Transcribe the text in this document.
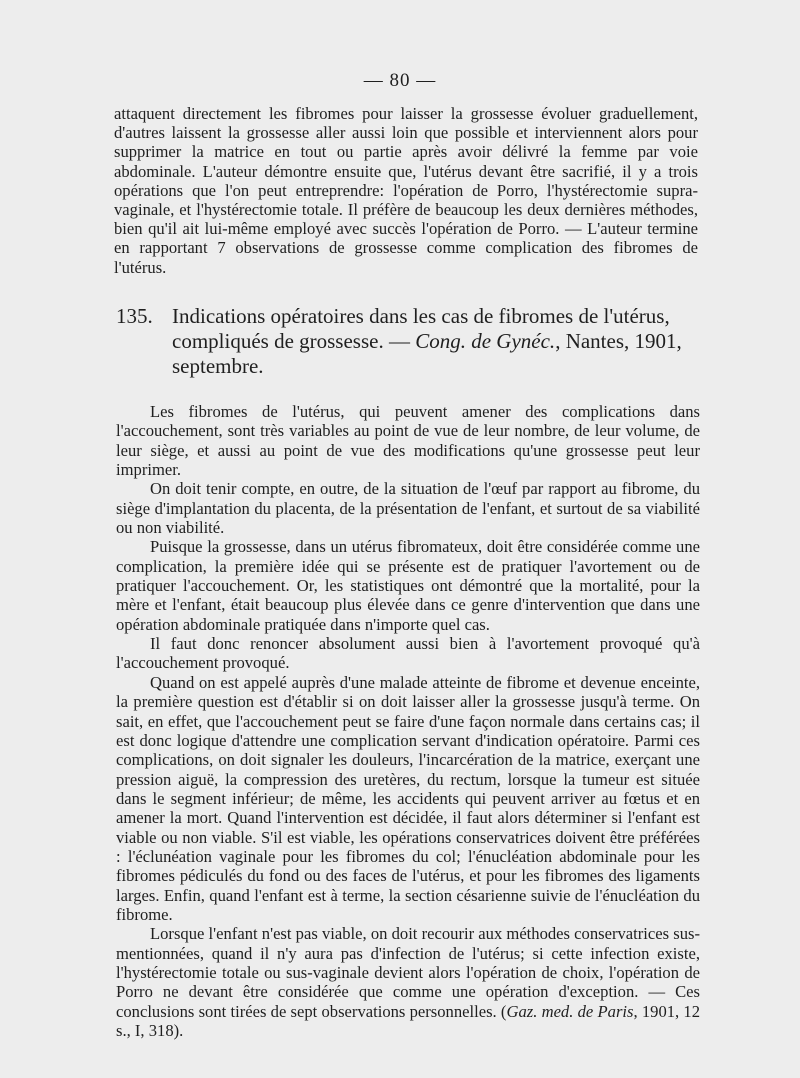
— 80 —

attaquent directement les fibromes pour laisser la grossesse évoluer graduellement, d'autres laissent la grossesse aller aussi loin que possible et interviennent alors pour supprimer la matrice en tout ou partie après avoir délivré la femme par voie abdominale. L'auteur démontre ensuite que, l'utérus devant être sacrifié, il y a trois opérations que l'on peut entreprendre: l'opération de Porro, l'hystérectomie supra-vaginale, et l'hystérectomie totale. Il préfère de beaucoup les deux dernières méthodes, bien qu'il ait lui-même employé avec succès l'opération de Porro. — L'auteur termine en rapportant 7 observations de grossesse comme complication des fibromes de l'utérus.

135. Indications opératoires dans les cas de fibromes de l'utérus,
compliqués de grossesse. — Cong. de Gynéc., Nantes, 1901, septembre.

Les fibromes de l'utérus, qui peuvent amener des complications dans l'accouchement, sont très variables au point de vue de leur nombre, de leur volume, de leur siège, et aussi au point de vue des modifications qu'une grossesse peut leur imprimer.

On doit tenir compte, en outre, de la situation de l'œuf par rapport au fibrome, du siège d'implantation du placenta, de la présentation de l'enfant, et surtout de sa viabilité ou non viabilité.

Puisque la grossesse, dans un utérus fibromateux, doit être considérée comme une complication, la première idée qui se présente est de pratiquer l'avortement ou de pratiquer l'accouchement. Or, les statistiques ont démontré que la mortalité, pour la mère et l'enfant, était beaucoup plus élevée dans ce genre d'intervention que dans une opération abdominale pratiquée dans n'importe quel cas.

Il faut donc renoncer absolument aussi bien à l'avortement provoqué qu'à l'accouchement provoqué.

Quand on est appelé auprès d'une malade atteinte de fibrome et devenue enceinte, la première question est d'établir si on doit laisser aller la grossesse jusqu'à terme. On sait, en effet, que l'accouchement peut se faire d'une façon normale dans certains cas; il est donc logique d'attendre une complication servant d'indication opératoire. Parmi ces complications, on doit signaler les douleurs, l'incarcération de la matrice, exerçant une pression aiguë, la compression des uretères, du rectum, lorsque la tumeur est située dans le segment inférieur; de même, les accidents qui peuvent arriver au fœtus et en amener la mort. Quand l'intervention est décidée, il faut alors déterminer si l'enfant est viable ou non viable. S'il est viable, les opérations conservatrices doivent être préférées : l'éclunéation vaginale pour les fibromes du col; l'énucléation abdominale pour les fibromes pédiculés du fond ou des faces de l'utérus, et pour les fibromes des ligaments larges. Enfin, quand l'enfant est à terme, la section césarienne suivie de l'énucléation du fibrome.

Lorsque l'enfant n'est pas viable, on doit recourir aux méthodes conservatrices sus-mentionnées, quand il n'y aura pas d'infection de l'utérus; si cette infection existe, l'hystérectomie totale ou sus-vaginale devient alors l'opération de choix, l'opération de Porro ne devant être considérée que comme une opération d'exception. — Ces conclusions sont tirées de sept observations personnelles. (Gaz. med. de Paris, 1901, 12 s., I, 318).
